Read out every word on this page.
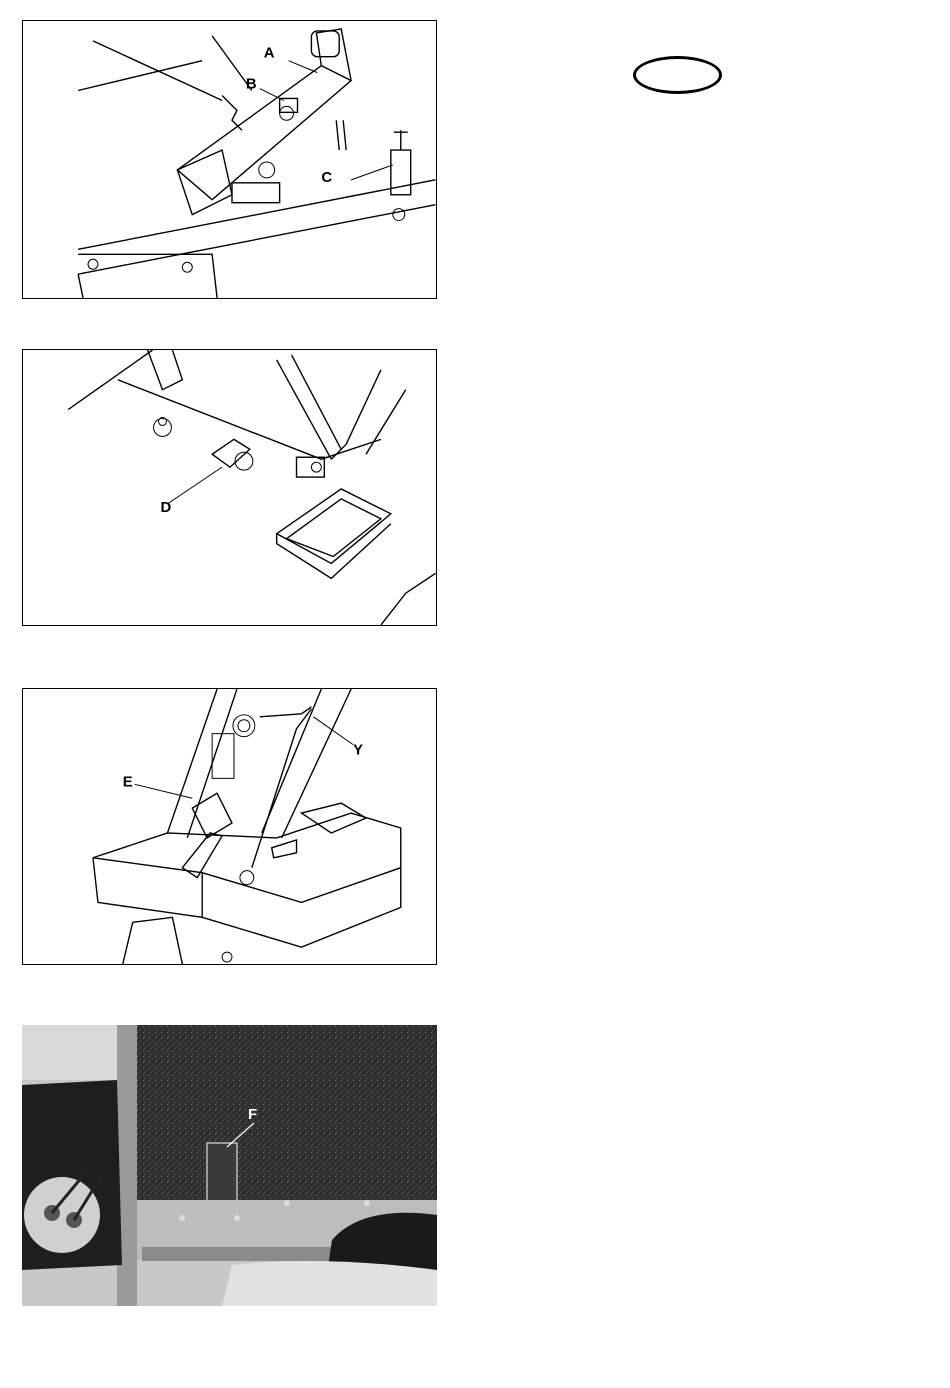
A
B
C
D
E
Y
F
